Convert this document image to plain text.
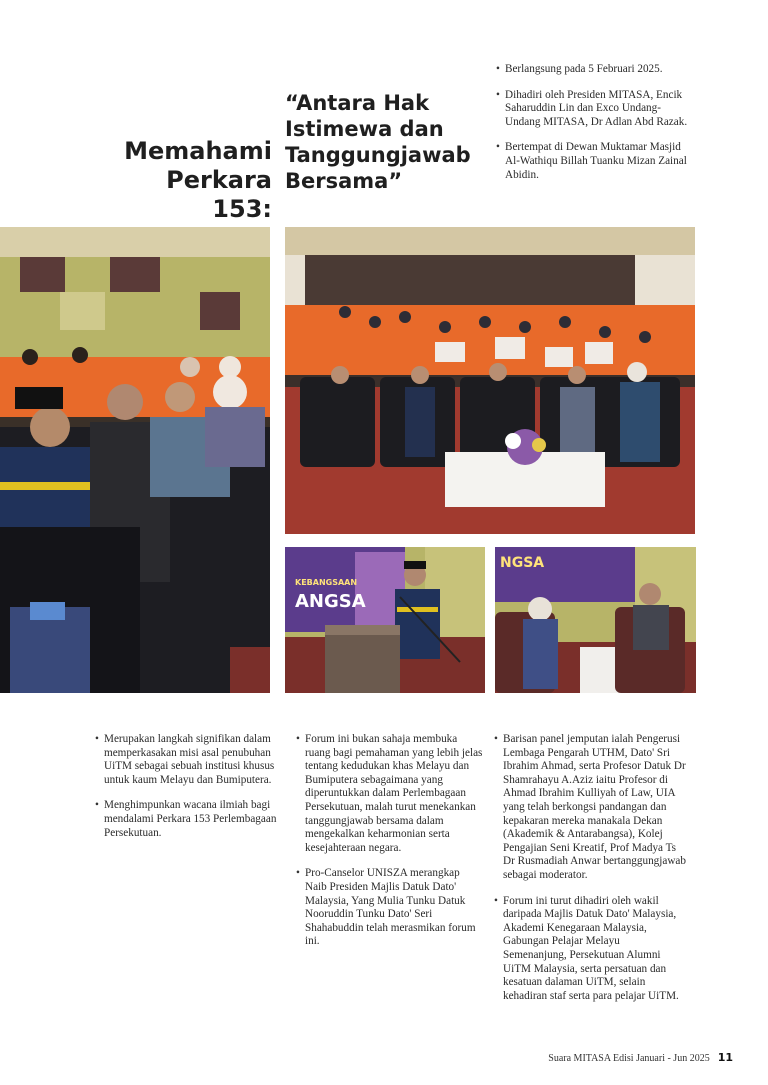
Memahami Perkara 153:
“Antara Hak Istimewa dan Tanggungjawab Bersama”
• Berlangsung pada 5 Februari 2025.
• Dihadiri oleh Presiden MITASA, Encik Saharuddin Lin dan Exco Undang-Undang MITASA, Dr Adlan Abd Razak.
• Bertempat di Dewan Muktamar Masjid Al-Wathiqu Billah Tuanku Mizan Zainal Abidin.
KEBANGSAAN
ANGSA
NGSA
• Merupakan langkah signifikan dalam memperkasakan misi asal penubuhan UiTM sebagai sebuah institusi khusus untuk kaum Melayu dan Bumiputera.
• Menghimpunkan wacana ilmiah bagi mendalami Perkara 153 Perlembagaan Persekutuan.
• Forum ini bukan sahaja membuka ruang bagi pemahaman yang lebih jelas tentang kedudukan khas Melayu dan Bumiputera sebagaimana yang diperuntukkan dalam Perlembagaan Persekutuan, malah turut menekankan tanggungjawab bersama dalam mengekalkan keharmonian serta kesejahteraan negara.
• Pro-Canselor UNISZA merangkap Naib Presiden Majlis Datuk Dato' Malaysia, Yang Mulia Tunku Datuk Nooruddin Tunku Dato' Seri Shahabuddin telah merasmikan forum ini.
• Barisan panel jemputan ialah Pengerusi Lembaga Pengarah UTHM, Dato' Sri Ibrahim Ahmad, serta Profesor Datuk Dr Shamrahayu A.Aziz iaitu Profesor di Ahmad Ibrahim Kulliyah of Law, UIA yang telah berkongsi pandangan dan kepakaran mereka manakala Dekan (Akademik & Antarabangsa), Kolej Pengajian Seni Kreatif, Prof Madya Ts Dr Rusmadiah Anwar bertanggungjawab sebagai moderator.
• Forum ini turut dihadiri oleh wakil daripada Majlis Datuk Dato' Malaysia, Akademi Kenegaraan Malaysia, Gabungan Pelajar Melayu Semenanjung, Persekutuan Alumni UiTM Malaysia, serta persatuan dan kesatuan dalaman UiTM, selain kehadiran staf serta para pelajar UiTM.
Suara MITASA Edisi Januari - Jun 2025 11
